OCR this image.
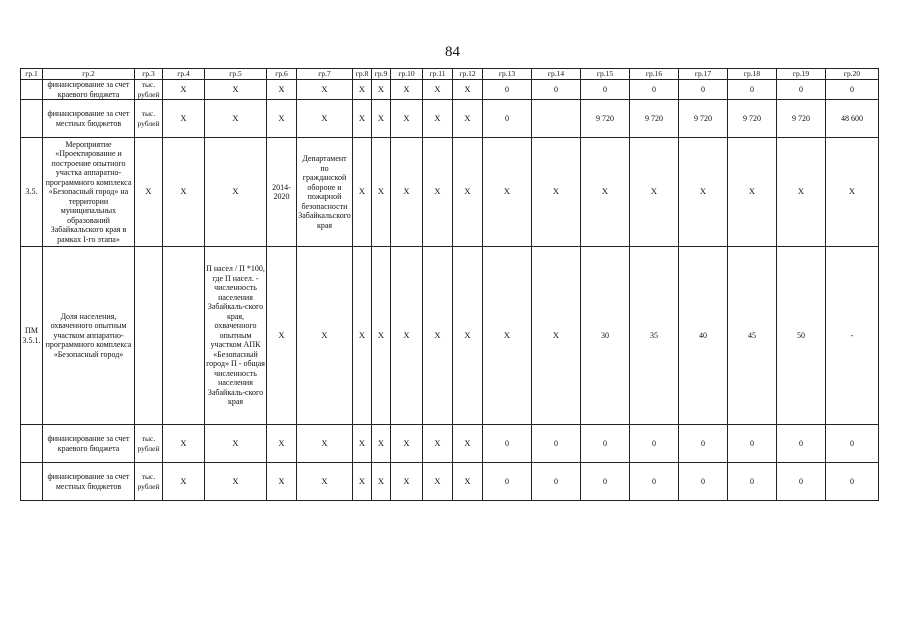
84
гр.1	гр.2	гр.3	гр.4	гр.5	гр.6	гр.7	гр.8	гр.9	гр.10	гр.11	гр.12	гр.13	гр.14	гр.15	гр.16	гр.17	гр.18	гр.19	гр.20
	финансирование за счет краевого бюджета	тыс. рублей	X	X	X	X	X	X	X	X	X	0	0	0	0	0	0	0	0
	финансирование за счет местных бюджетов	тыс. рублей	X	X	X	X	X	X	X	X	X	0		9 720	9 720	9 720	9 720	9 720	48 600
3.5.	Мероприятие «Проектирование и построение опытного участка аппаратно-программного комплекса «Безопасный город» на территории муниципальных образований Забайкальского края в рамках I-го этапа»	X	X	X	2014-2020	Департамент по гражданской обороне и пожарной безопасности Забайкальского края	X	X	X	X	X	X	X	X	X	X	X	X	X
ПМ 3.5.1.	Доля населения, охваченного опытным участком аппаратно-программного комплекса «Безопасный город»			П насел / П *100, где П насел. - численность населения Забайкаль-ского края, охваченного опытным участком АПК «Безопасный город» П - общая численность населения Забайкаль-ского края	X	X	X	X	X	X	X	X	X	30	35	40	45	50	-
	финансирование за счет краевого бюджета	тыс. рублей	X	X	X	X	X	X	X	X	X	0	0	0	0	0	0	0	0
	финансирование за счет местных бюджетов	тыс. рублей	X	X	X	X	X	X	X	X	X	0	0	0	0	0	0	0	0
